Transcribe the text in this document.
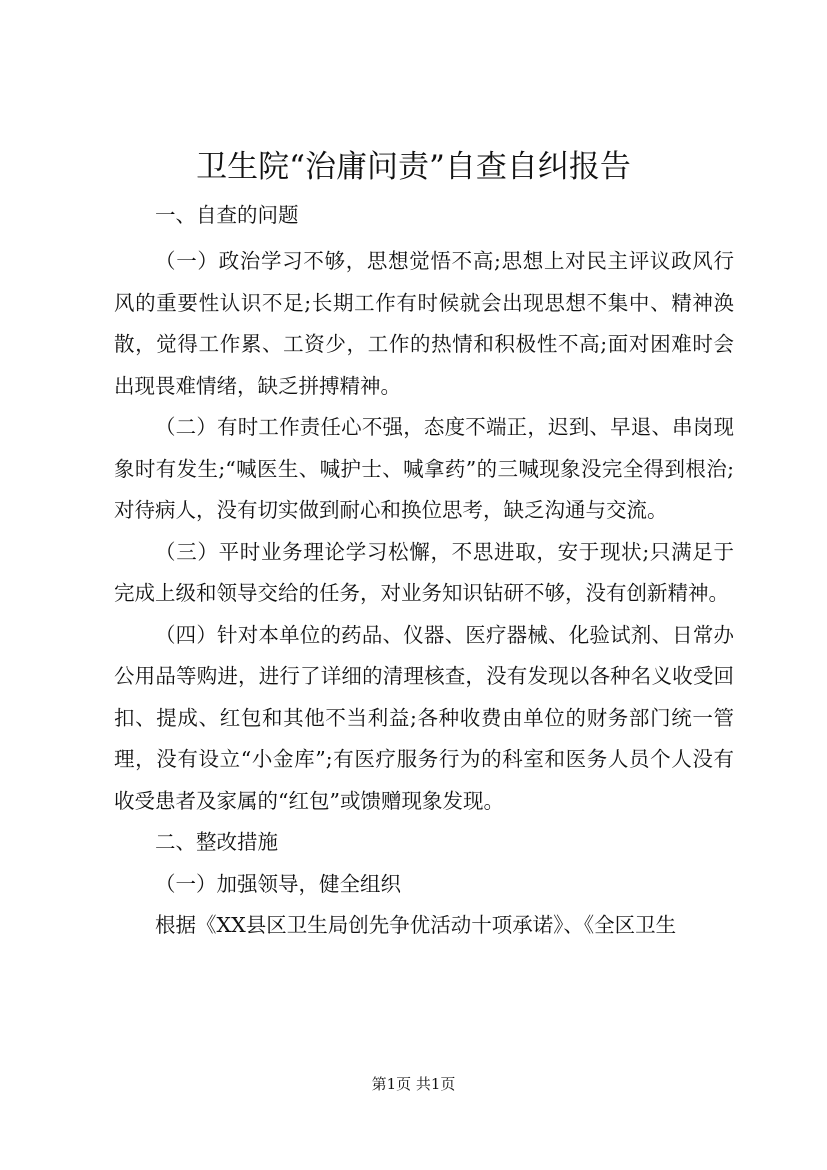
卫生院“治庸问责”自查自纠报告

一、自查的问题

（一）政治学习不够，思想觉悟不高;思想上对民主评议政风行风的重要性认识不足;长期工作有时候就会出现思想不集中、精神涣散，觉得工作累、工资少，工作的热情和积极性不高;面对困难时会出现畏难情绪，缺乏拼搏精神。

（二）有时工作责任心不强，态度不端正，迟到、早退、串岗现象时有发生;“喊医生、喊护士、喊拿药”的三喊现象没完全得到根治;对待病人，没有切实做到耐心和换位思考，缺乏沟通与交流。

（三）平时业务理论学习松懈，不思进取，安于现状;只满足于完成上级和领导交给的任务，对业务知识钻研不够，没有创新精神。

（四）针对本单位的药品、仪器、医疗器械、化验试剂、日常办公用品等购进，进行了详细的清理核查，没有发现以各种名义收受回扣、提成、红包和其他不当利益;各种收费由单位的财务部门统一管理，没有设立“小金库”;有医疗服务行为的科室和医务人员个人没有收受患者及家属的“红包”或馈赠现象发现。

二、整改措施

（一）加强领导，健全组织

根据《XX县区卫生局创先争优活动十项承诺》、《全区卫生

第1页 共1页
